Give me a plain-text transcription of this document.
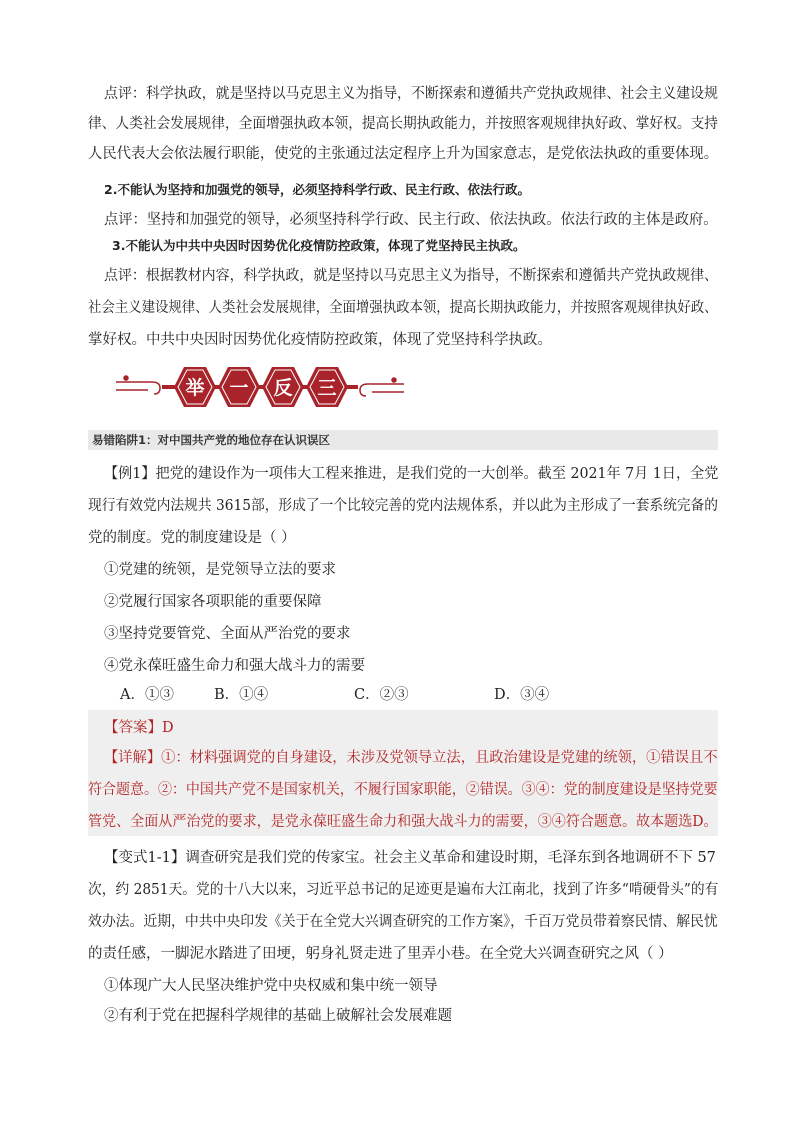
点评：科学执政，就是坚持以马克思主义为指导，不断探索和遵循共产党执政规律、社会主义建设规
律、人类社会发展规律，全面增强执政本领，提高长期执政能力，并按照客观规律执好政、掌好权。支持
人民代表大会依法履行职能，使党的主张通过法定程序上升为国家意志，是党依法执政的重要体现。
2.不能认为坚持和加强党的领导，必须坚持科学行政、民主行政、依法行政。
点评：坚持和加强党的领导，必须坚持科学行政、民主行政、依法执政。依法行政的主体是政府。
3.不能认为中共中央因时因势优化疫情防控政策，体现了党坚持民主执政。
点评：根据教材内容，科学执政，就是坚持以马克思主义为指导，不断探索和遵循共产党执政规律、
社会主义建设规律、人类社会发展规律，全面增强执政本领，提高长期执政能力，并按照客观规律执好政、
掌好权。中共中央因时因势优化疫情防控政策，体现了党坚持科学执政。
举 一 反 三
易错陷阱1：对中国共产党的地位存在认识误区
【例1】把党的建设作为一项伟大工程来推进，是我们党的一大创举。截至 2021年 7月 1日，全党
现行有效党内法规共 3615部，形成了一个比较完善的党内法规体系，并以此为主形成了一套系统完备的
党的制度。党的制度建设是（ ）
①党建的统领，是党领导立法的要求
②党履行国家各项职能的重要保障
③坚持党要管党、全面从严治党的要求
④党永葆旺盛生命力和强大战斗力的需要
A．①③	B．①④	C．②③	D．③④
【答案】D
【详解】①：材料强调党的自身建设，未涉及党领导立法，且政治建设是党建的统领，①错误且不
符合题意。②：中国共产党不是国家机关，不履行国家职能，②错误。③④：党的制度建设是坚持党要
管党、全面从严治党的要求，是党永葆旺盛生命力和强大战斗力的需要，③④符合题意。故本题选D。
【变式1-1】调查研究是我们党的传家宝。社会主义革命和建设时期，毛泽东到各地调研不下 57
次，约 2851天。党的十八大以来，习近平总书记的足迹更是遍布大江南北，找到了许多“啃硬骨头”的有
效办法。近期，中共中央印发《关于在全党大兴调查研究的工作方案》，千百万党员带着察民情、解民忧
的责任感，一脚泥水踏进了田埂，躬身礼贤走进了里弄小巷。在全党大兴调查研究之风（ ）
①体现广大人民坚决维护党中央权威和集中统一领导
②有利于党在把握科学规律的基础上破解社会发展难题
